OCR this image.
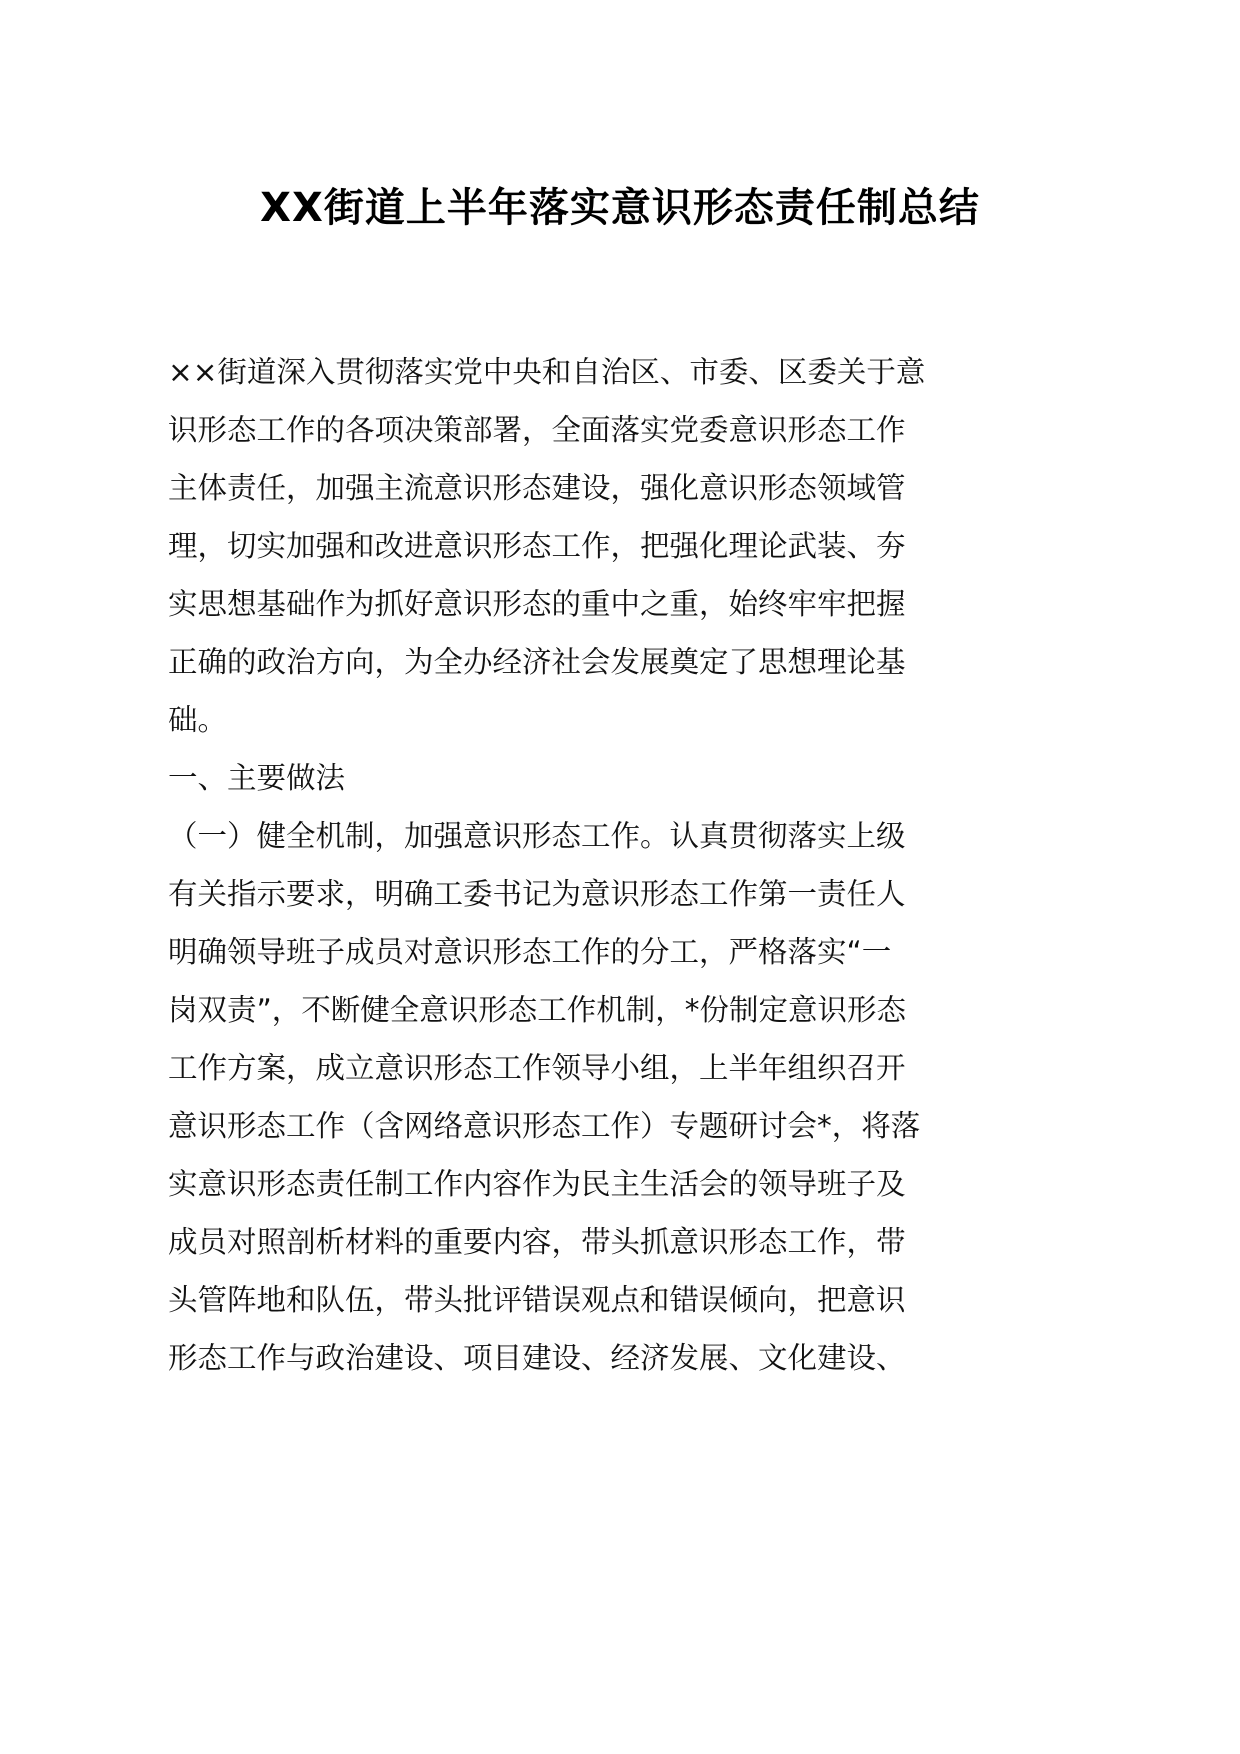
XX街道上半年落实意识形态责任制总结
××街道深入贯彻落实党中央和自治区、市委、区委关于意
识形态工作的各项决策部署，全面落实党委意识形态工作
主体责任，加强主流意识形态建设，强化意识形态领域管
理，切实加强和改进意识形态工作，把强化理论武装、夯
实思想基础作为抓好意识形态的重中之重，始终牢牢把握
正确的政治方向，为全办经济社会发展奠定了思想理论基
础。
一、主要做法
（一）健全机制，加强意识形态工作。认真贯彻落实上级
有关指示要求，明确工委书记为意识形态工作第一责任人
明确领导班子成员对意识形态工作的分工，严格落实“一
岗双责”，不断健全意识形态工作机制，*份制定意识形态
工作方案，成立意识形态工作领导小组，上半年组织召开
意识形态工作（含网络意识形态工作）专题研讨会*，将落
实意识形态责任制工作内容作为民主生活会的领导班子及
成员对照剖析材料的重要内容，带头抓意识形态工作，带
头管阵地和队伍，带头批评错误观点和错误倾向，把意识
形态工作与政治建设、项目建设、经济发展、文化建设、
